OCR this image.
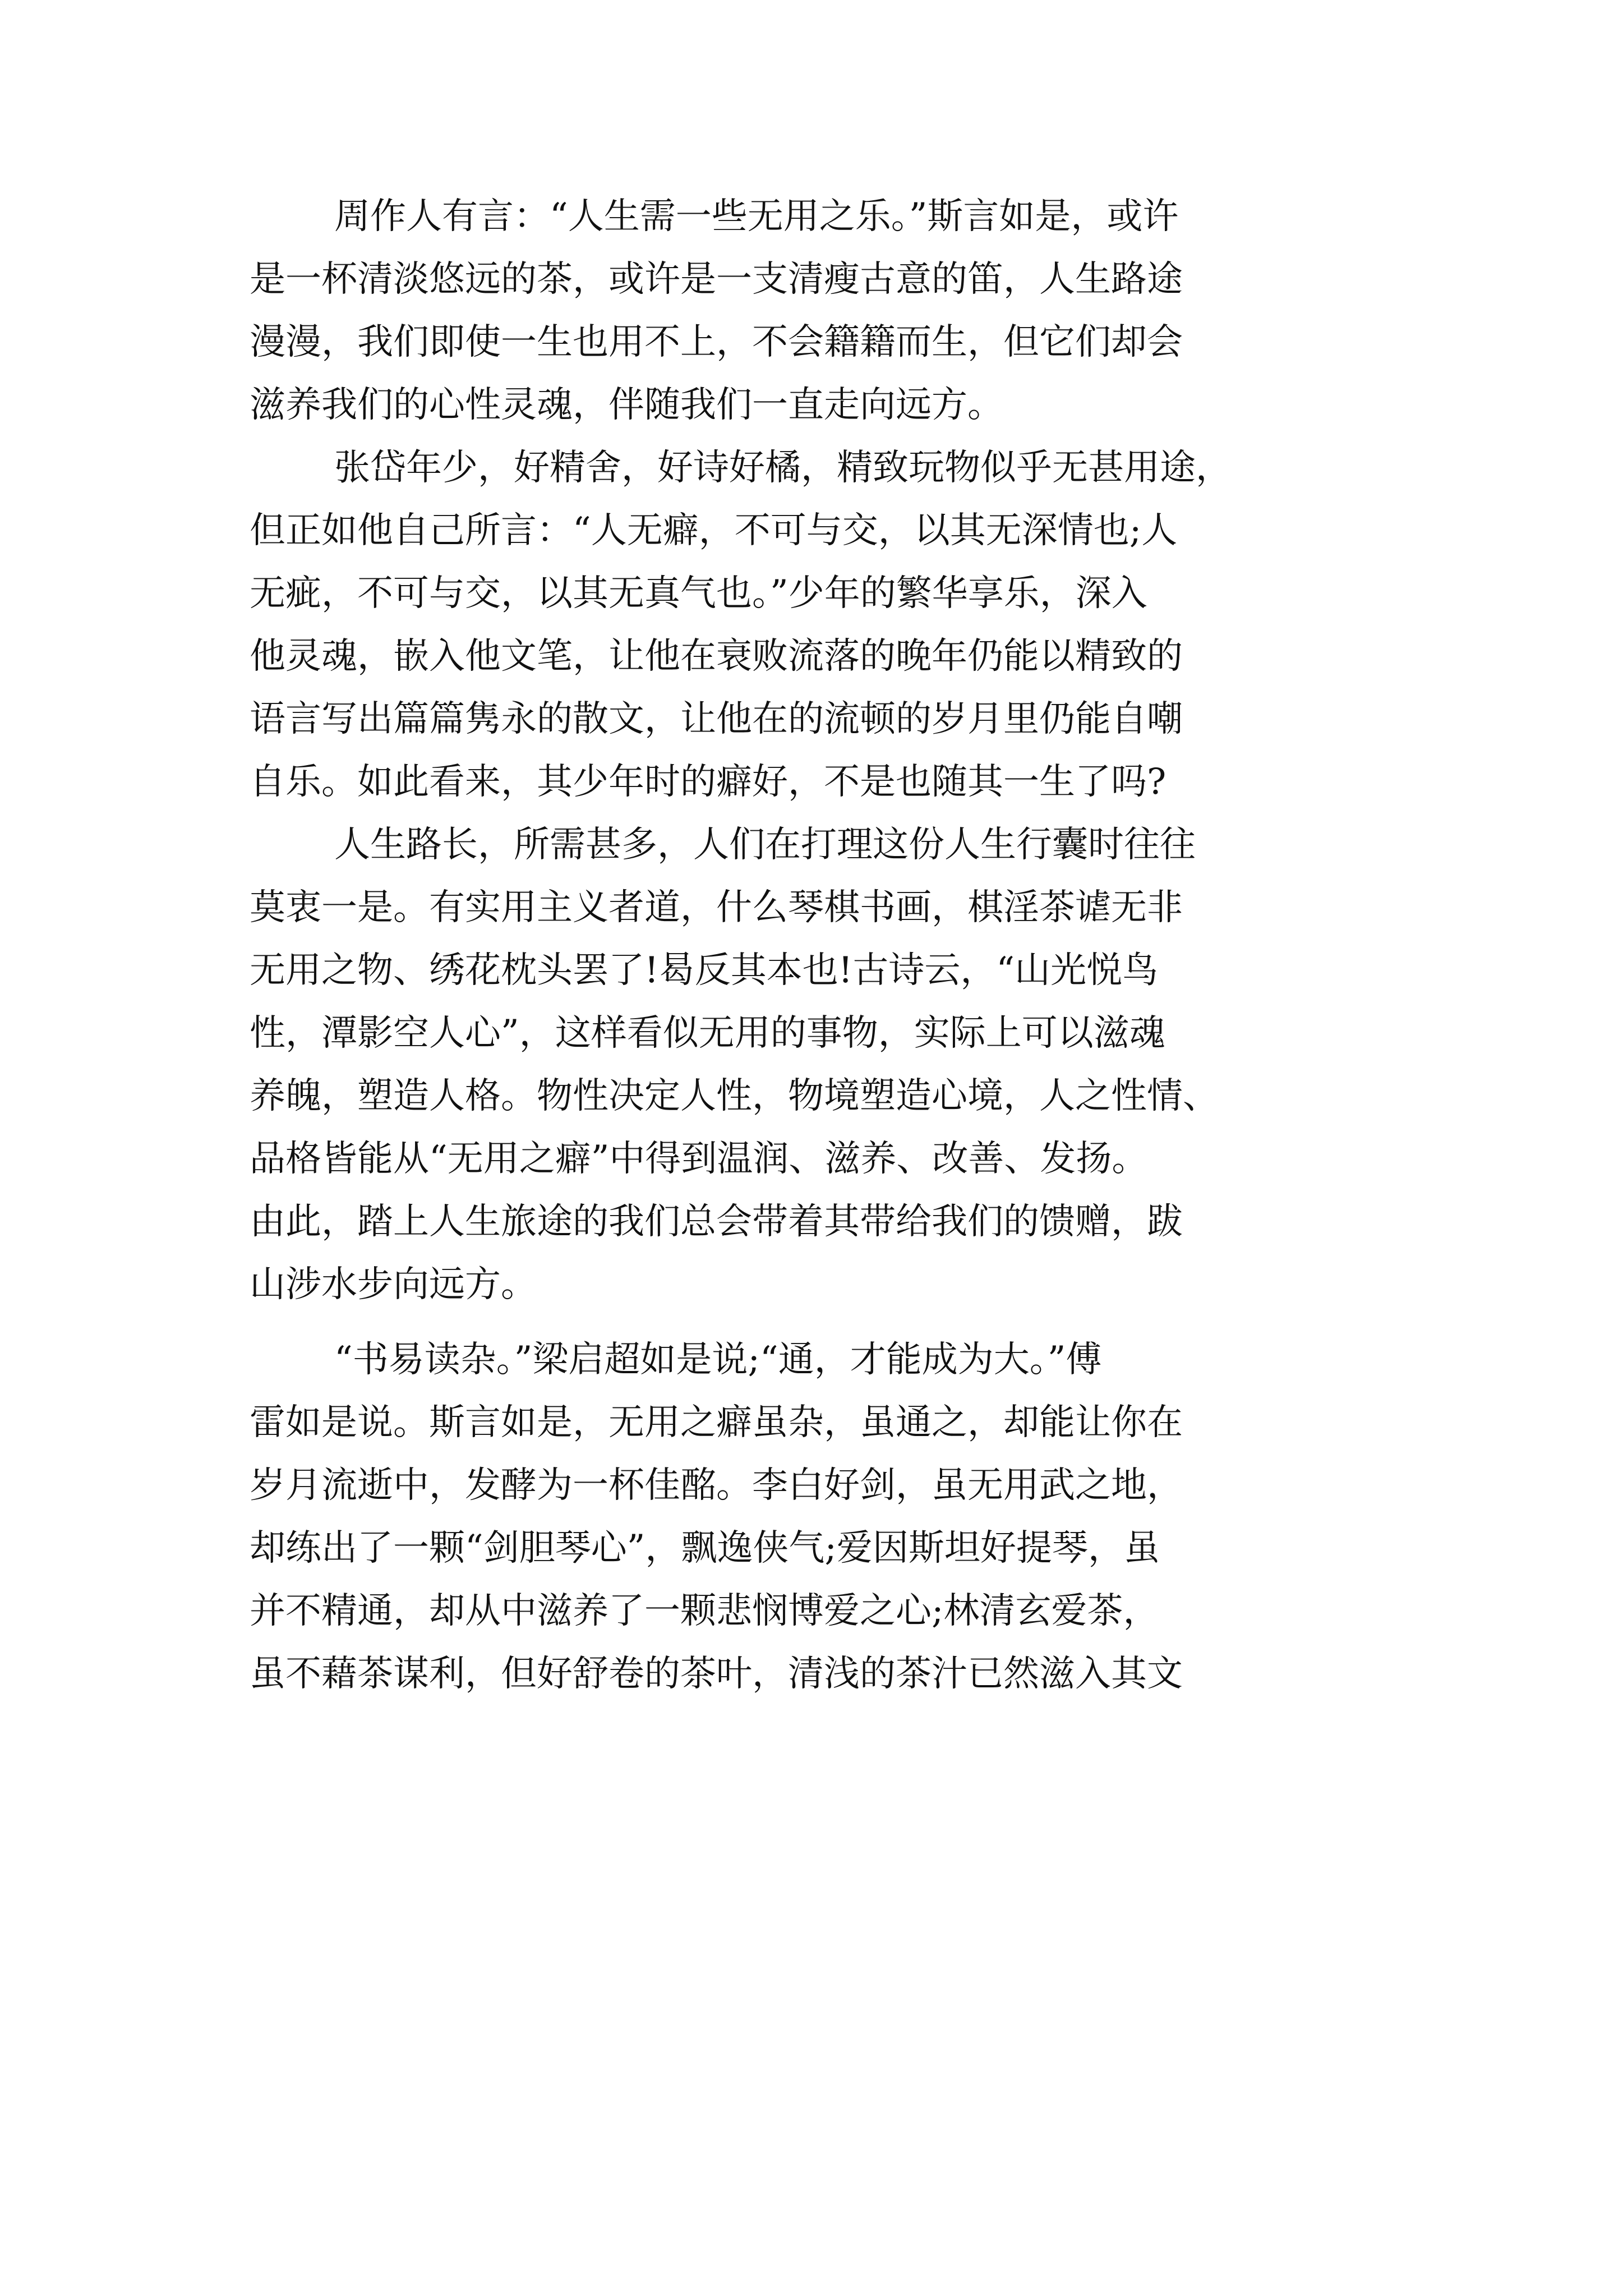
周作人有言：“人生需一些无用之乐。”斯言如是，或许
是一杯清淡悠远的茶，或许是一支清瘦古意的笛，人生路途
漫漫，我们即使一生也用不上，不会籍籍而生，但它们却会
滋养我们的心性灵魂，伴随我们一直走向远方。
张岱年少，好精舍，好诗好橘，精致玩物似乎无甚用途，
但正如他自己所言：“人无癖，不可与交，以其无深情也;人
无疵，不可与交，以其无真气也。”少年的繁华享乐，深入
他灵魂，嵌入他文笔，让他在衰败流落的晚年仍能以精致的
语言写出篇篇隽永的散文，让他在的流顿的岁月里仍能自嘲
自乐。如此看来，其少年时的癖好，不是也随其一生了吗?
人生路长，所需甚多，人们在打理这份人生行囊时往往
莫衷一是。有实用主义者道，什么琴棋书画，棋淫茶谑无非
无用之物、绣花枕头罢了!曷反其本也!古诗云，“山光悦鸟
性，潭影空人心”，这样看似无用的事物，实际上可以滋魂
养魄，塑造人格。物性决定人性，物境塑造心境，人之性情、
品格皆能从“无用之癖”中得到温润、滋养、改善、发扬。
由此，踏上人生旅途的我们总会带着其带给我们的馈赠，跋
山涉水步向远方。
“书易读杂。”梁启超如是说;“通，才能成为大。”傅
雷如是说。斯言如是，无用之癖虽杂，虽通之，却能让你在
岁月流逝中，发酵为一杯佳酩。李白好剑，虽无用武之地，
却练出了一颗“剑胆琴心”，飘逸侠气;爱因斯坦好提琴，虽
并不精通，却从中滋养了一颗悲悯博爱之心;林清玄爱茶，
虽不藉茶谋利，但好舒卷的茶叶，清浅的茶汁已然滋入其文
